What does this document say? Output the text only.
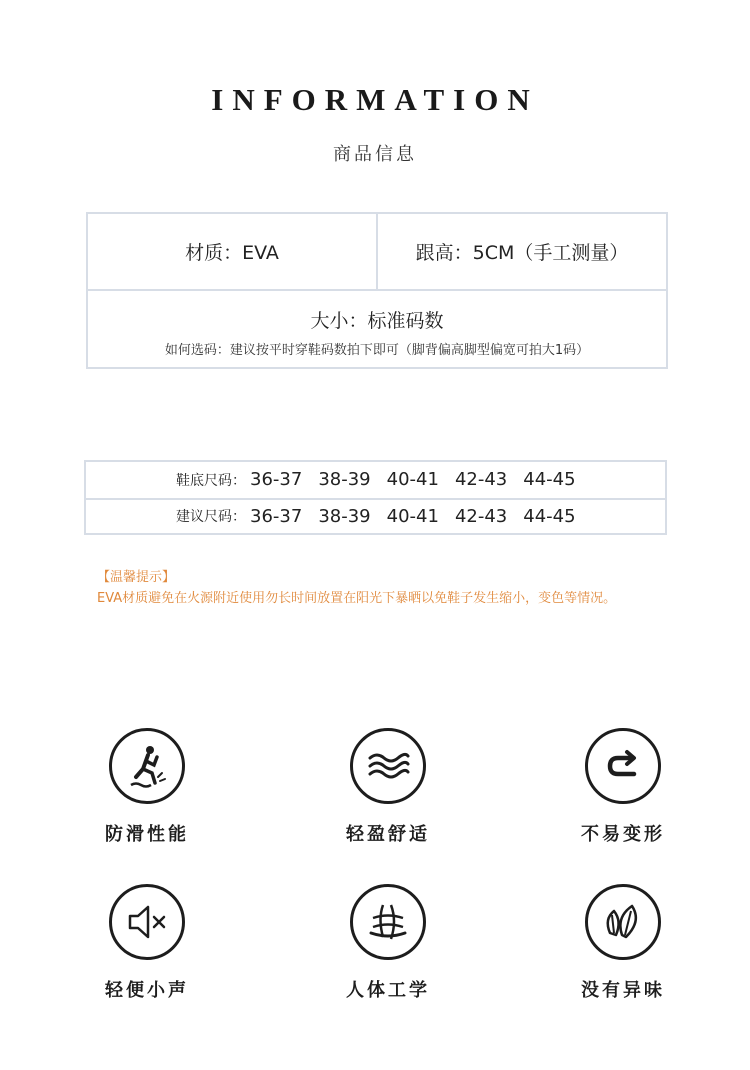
INFORMATION
商品信息
材质：EVA	跟高：5CM（手工测量）
大小：标准码数
如何选码：建议按平时穿鞋码数拍下即可（脚背偏高脚型偏宽可拍大1码）
鞋底尺码： 36-37 38-39 40-41 42-43 44-45
建议尺码： 36-37 38-39 40-41 42-43 44-45
【温馨提示】
EVA材质避免在火源附近使用勿长时间放置在阳光下暴晒以免鞋子发生缩小，变色等情况。
防滑性能	轻盈舒适	不易变形
轻便小声	人体工学	没有异味
